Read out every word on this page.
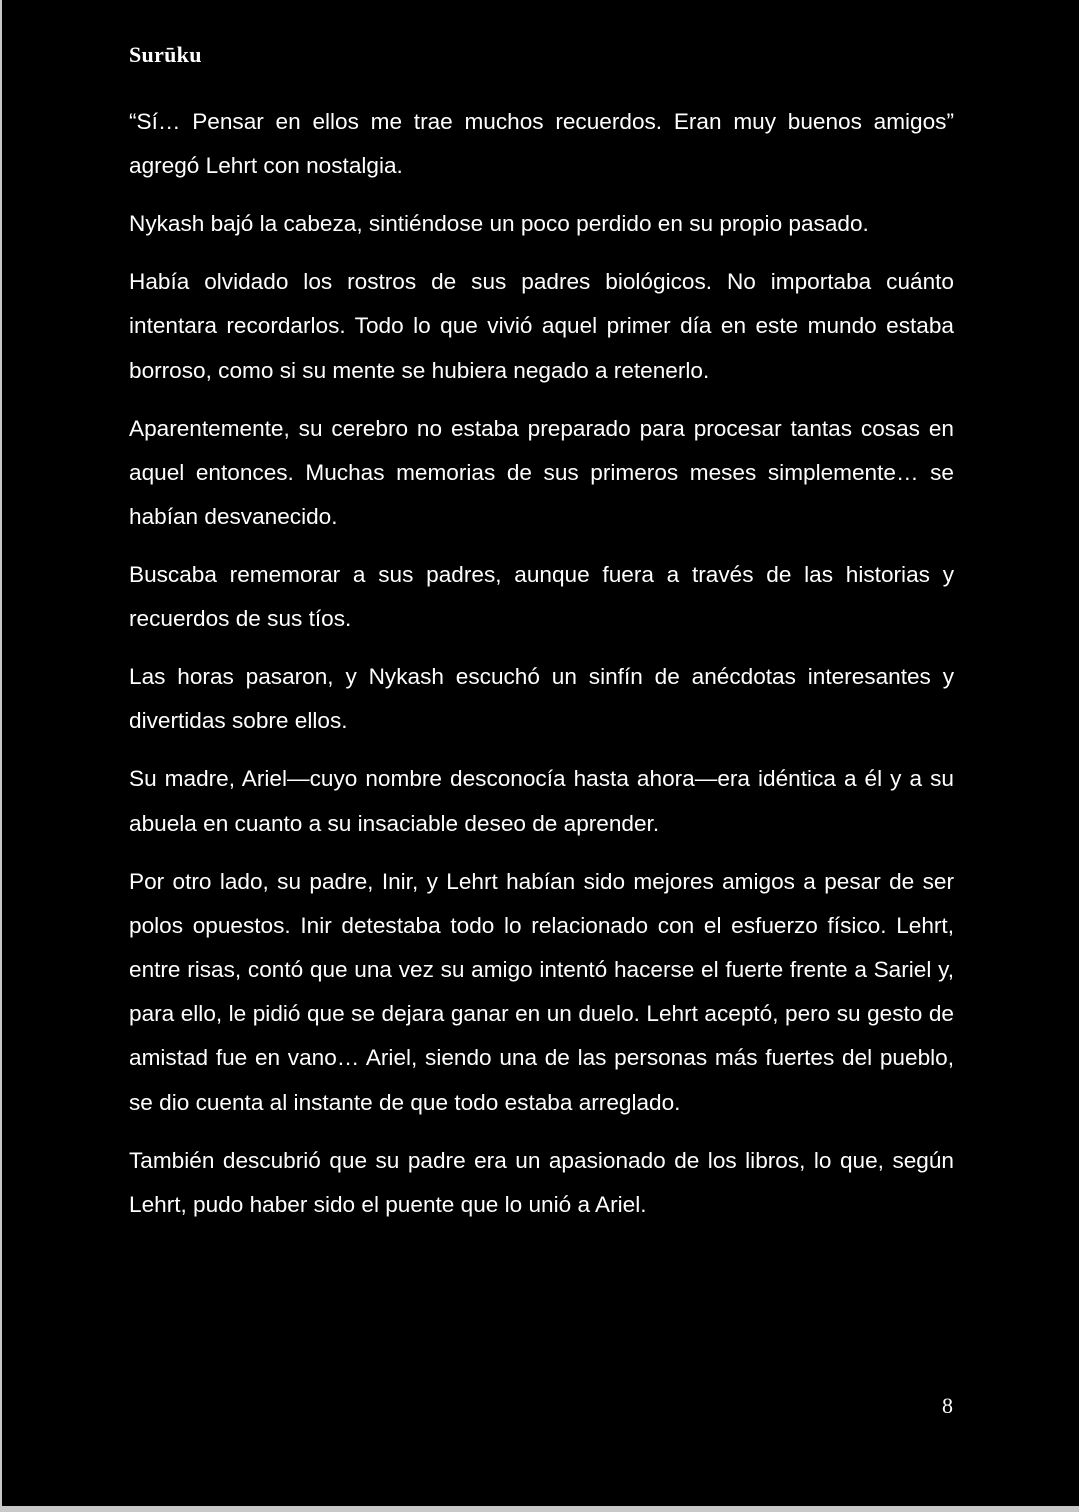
Surūku

“Sí… Pensar en ellos me trae muchos recuerdos. Eran muy buenos amigos” agregó Lehrt con nostalgia.

Nykash bajó la cabeza, sintiéndose un poco perdido en su propio pasado.

Había olvidado los rostros de sus padres biológicos. No importaba cuánto intentara recordarlos. Todo lo que vivió aquel primer día en este mundo estaba borroso, como si su mente se hubiera negado a retenerlo.

Aparentemente, su cerebro no estaba preparado para procesar tantas cosas en aquel entonces. Muchas memorias de sus primeros meses simplemente… se habían desvanecido.

Buscaba rememorar a sus padres, aunque fuera a través de las historias y recuerdos de sus tíos.

Las horas pasaron, y Nykash escuchó un sinfín de anécdotas interesantes y divertidas sobre ellos.

Su madre, Ariel—cuyo nombre desconocía hasta ahora—era idéntica a él y a su abuela en cuanto a su insaciable deseo de aprender.

Por otro lado, su padre, Inir, y Lehrt habían sido mejores amigos a pesar de ser polos opuestos. Inir detestaba todo lo relacionado con el esfuerzo físico. Lehrt, entre risas, contó que una vez su amigo intentó hacerse el fuerte frente a Sariel y, para ello, le pidió que se dejara ganar en un duelo. Lehrt aceptó, pero su gesto de amistad fue en vano… Ariel, siendo una de las personas más fuertes del pueblo, se dio cuenta al instante de que todo estaba arreglado.

También descubrió que su padre era un apasionado de los libros, lo que, según Lehrt, pudo haber sido el puente que lo unió a Ariel.

8
